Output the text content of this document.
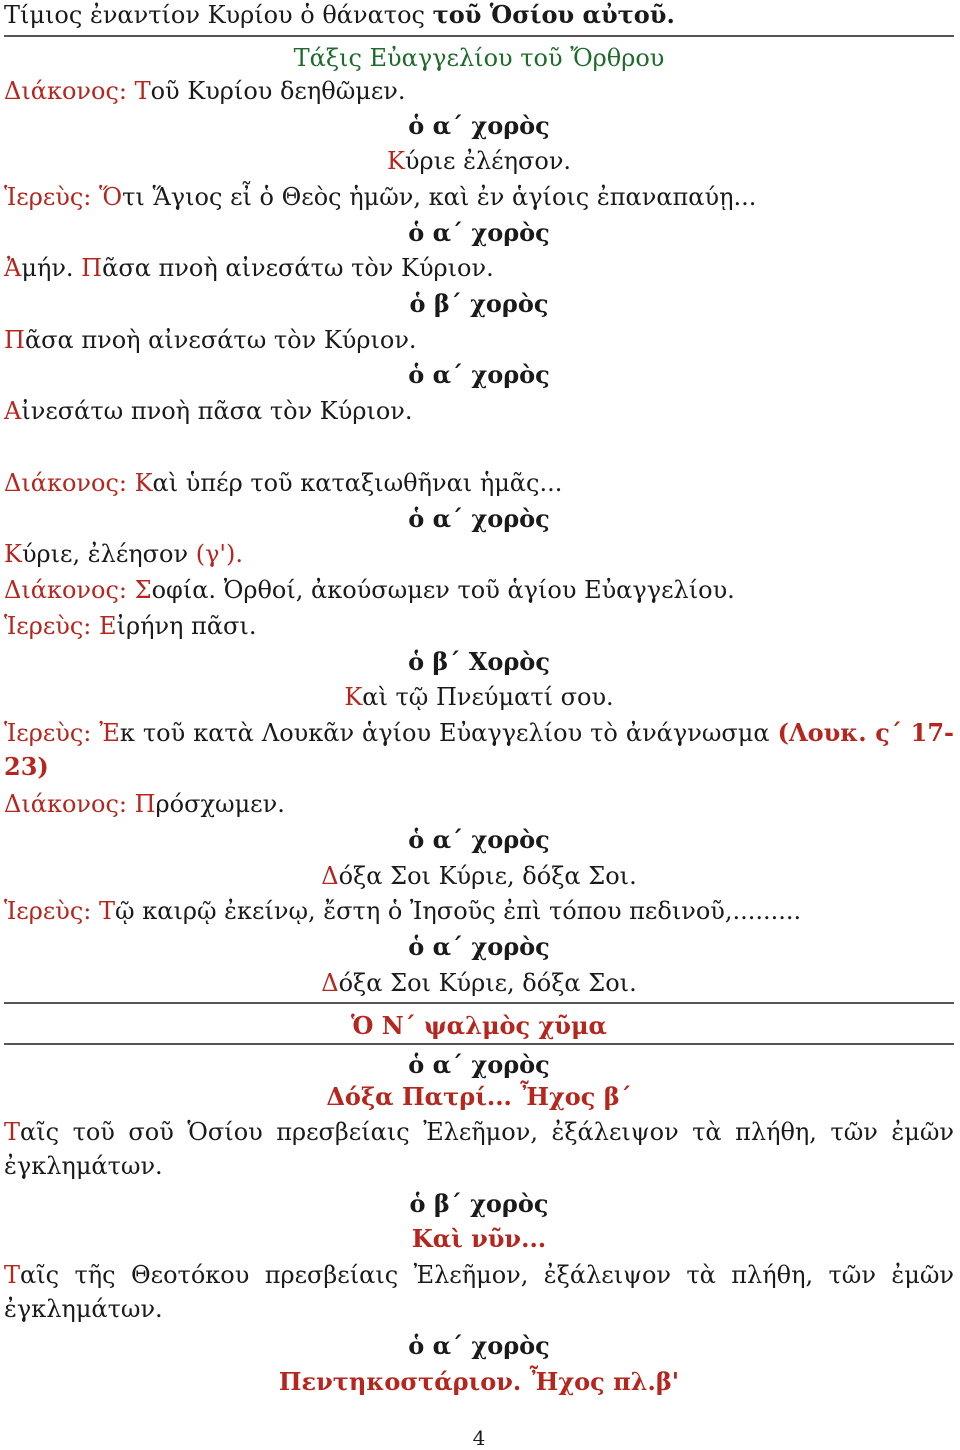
Τίμιος ἐναντίον Κυρίου ὁ θάνατος τοῦ Ὁσίου αὐτοῦ.
Τάξις Εὐαγγελίου τοῦ Ὄρθρου
Διάκονος: Τοῦ Κυρίου δεηθῶμεν.
ὁ α΄ χορὸς
Κύριε ἐλέησον.
Ἱερεὺς: Ὅτι Ἅγιος εἶ ὁ Θεὸς ἡμῶν, καὶ ἐν ἁγίοις ἐπαναπαύῃ...
ὁ α΄ χορὸς
Ἀμήν. Πᾶσα πνοὴ αἰνεσάτω τὸν Κύριον.
ὁ β΄ χορὸς
Πᾶσα πνοὴ αἰνεσάτω τὸν Κύριον.
ὁ α΄ χορὸς
Αἰνεσάτω πνοὴ πᾶσα τὸν Κύριον.
Διάκονος: Καὶ ὑπέρ τοῦ καταξιωθῆναι ἡμᾶς...
ὁ α΄ χορὸς
Κύριε, ἐλέησον (γ').
Διάκονος: Σοφία. Ὀρθοί, ἀκούσωμεν τοῦ ἁγίου Εὐαγγελίου.
Ἱερεὺς: Εἰρήνη πᾶσι.
ὁ β΄ Χορὸς
Καὶ τῷ Πνεύματί σου.
Ἱερεὺς: Ἐκ τοῦ κατὰ Λουκᾶν ἁγίου Εὐαγγελίου τὸ ἀνάγνωσμα (Λουκ. ς΄ 17-23)
Διάκονος: Πρόσχωμεν.
ὁ α΄ χορὸς
Δόξα Σοι Κύριε, δόξα Σοι.
Ἱερεὺς: Τῷ καιρῷ ἐκείνῳ, ἔστη ὁ Ἰησοῦς ἐπὶ τόπου πεδινοῦ,.........
ὁ α΄ χορὸς
Δόξα Σοι Κύριε, δόξα Σοι.
Ὁ Ν΄ ψαλμὸς χῦμα
ὁ α΄ χορὸς
Δόξα Πατρί... Ἦχος β΄
Ταῖς τοῦ σοῦ Ὁσίου πρεσβείαις Ἐλεῆμον, ἐξάλειψον τὰ πλήθη, τῶν ἐμῶν ἐγκλημάτων.
ὁ β΄ χορὸς
Καὶ νῦν...
Ταῖς τῆς Θεοτόκου πρεσβείαις Ἐλεῆμον, ἐξάλειψον τὰ πλήθη, τῶν ἐμῶν ἐγκλημάτων.
ὁ α΄ χορὸς
Πεντηκοστάριον. Ἦχος πλ.β'
4
